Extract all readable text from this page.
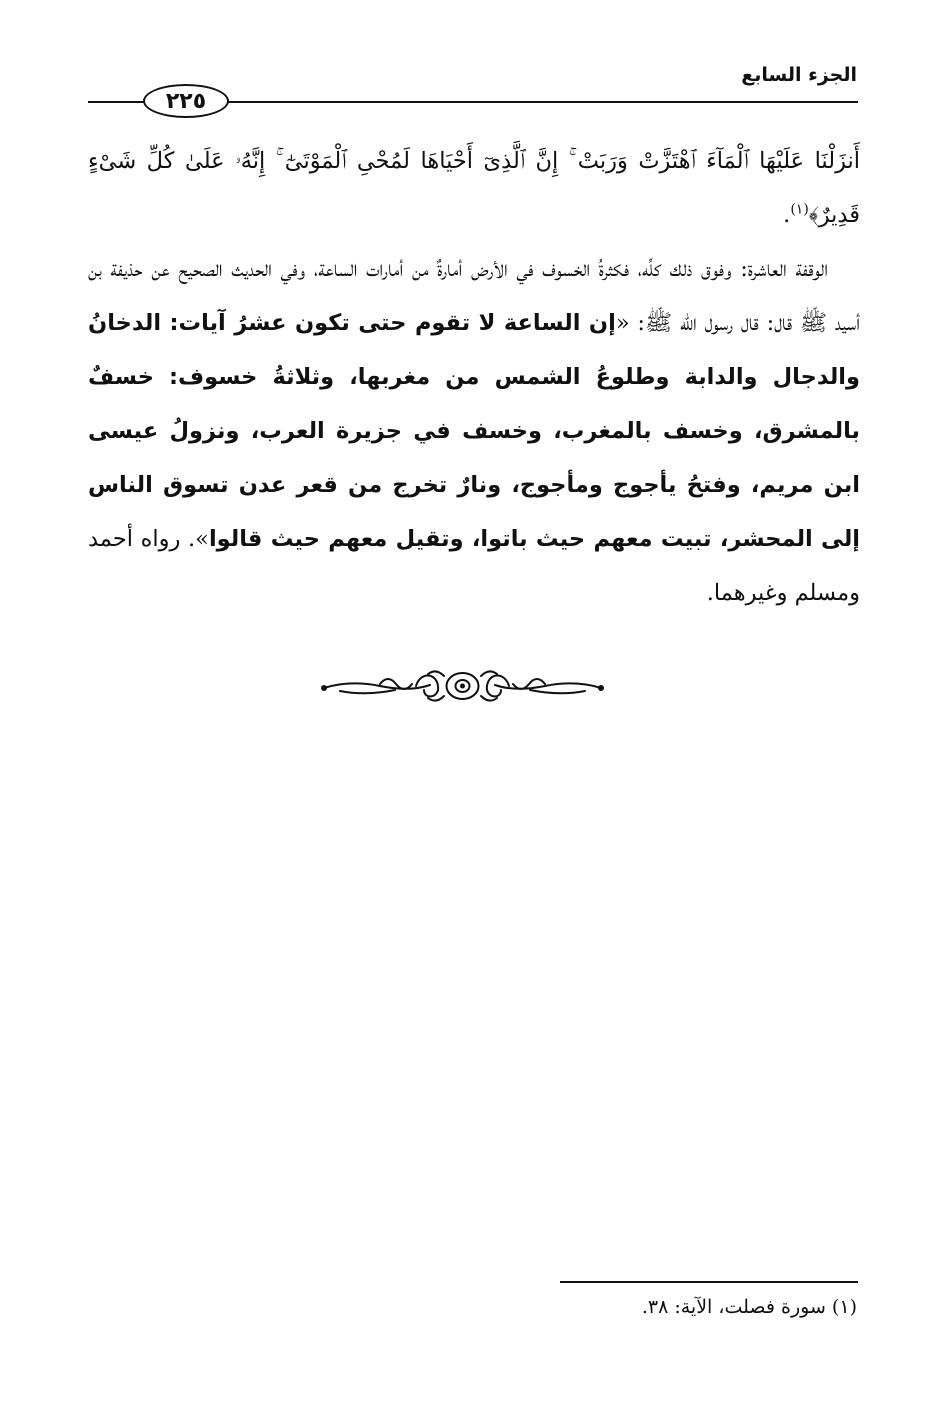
الجزء السابع
٢٢٥

أَنزَلْنَا عَلَيْهَا ٱلْمَآءَ ٱهْتَزَّتْ وَرَبَتْ ۚ إِنَّ ٱلَّذِىٓ أَحْيَاهَا لَمُحْىِ ٱلْمَوْتَىٰٓ ۚ إِنَّهُۥ عَلَىٰ كُلِّ شَىْءٍ قَدِيرٌ﴾$^{(١)}$.

الوقفة العاشرة: وفوق ذلك كلِّه، فكثرةُ الخسوف في الأرض أمارةٌ من أمارات الساعة، وفي الحديث الصحيح عن حذيفة بن أسيد ﷺ قال: قال رسول الله ﷺ: «إن الساعة لا تقوم حتى تكون عشرُ آيات: الدخانُ والدجال والدابة وطلوعُ الشمس من مغربها، وثلاثةُ خسوف: خسفٌ بالمشرق، وخسف بالمغرب، وخسف في جزيرة العرب، ونزولُ عيسى ابن مريم، وفتحُ يأجوج ومأجوج، ونارٌ تخرج من قعر عدن تسوق الناس إلى المحشر، تبيت معهم حيث باتوا، وتقيل معهم حيث قالوا». رواه أحمد ومسلم وغيرهما.

(١) سورة فصلت، الآية: ٣٨.
